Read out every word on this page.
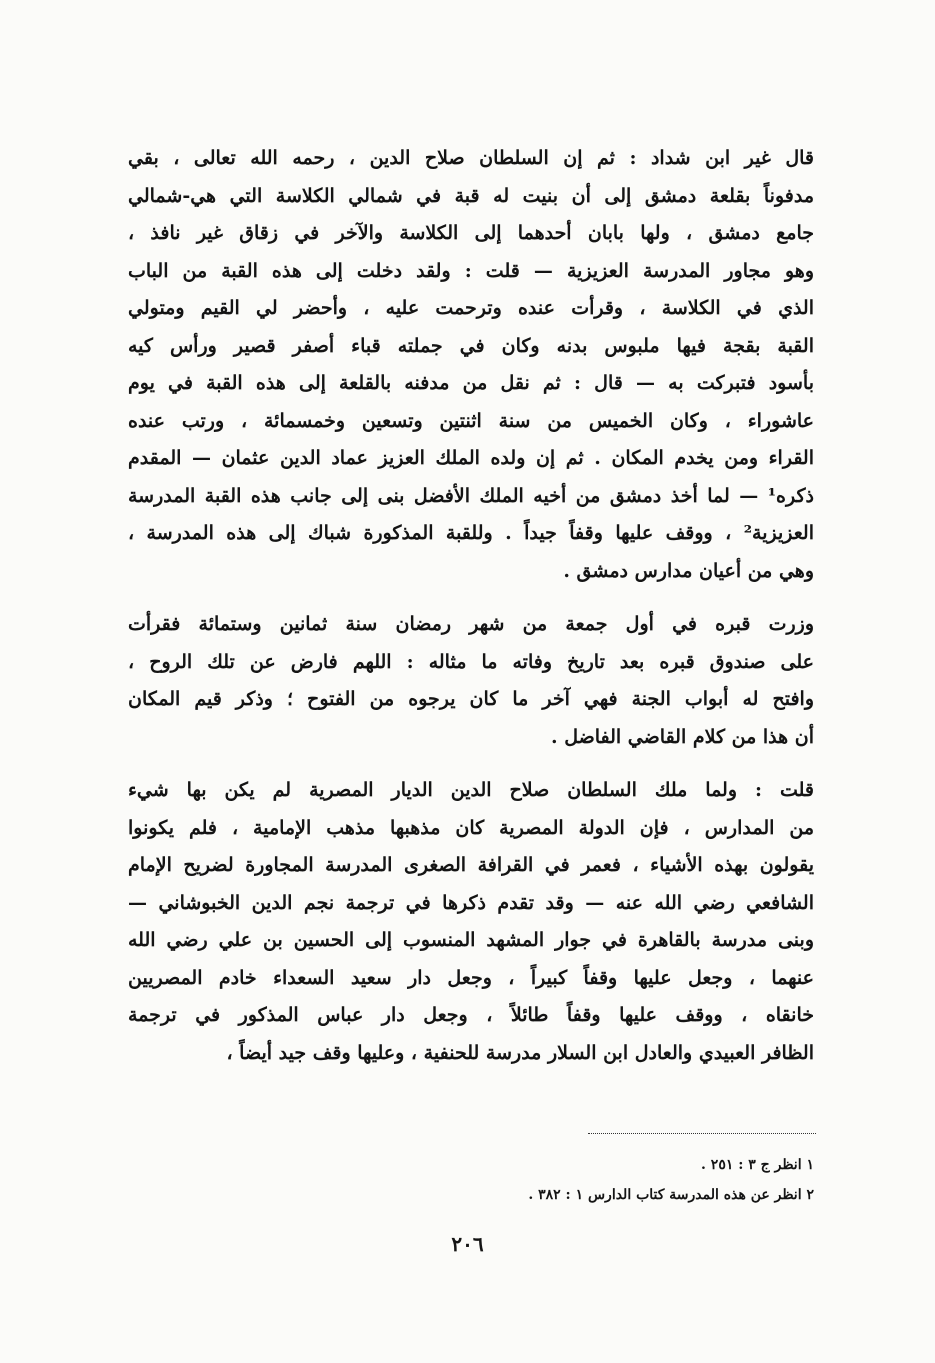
قال غير ابن شداد : ثم إن السلطان صلاح الدين ، رحمه الله تعالى ، بقي
مدفوناً بقلعة دمشق إلى أن بنيت له قبة في شمالي الكلاسة التي هي-شمالي
جامع دمشق ، ولها بابان أحدهما إلى الكلاسة والآخر في زقاق غير نافذ ،
وهو مجاور المدرسة العزيزية — قلت : ولقد دخلت إلى هذه القبة من الباب
الذي في الكلاسة ، وقرأت عنده وترحمت عليه ، وأحضر لي القيم ومتولي
القبة بقجة فيها ملبوس بدنه وكان في جملته قباء أصفر قصير ورأس كيه
بأسود فتبركت به — قال : ثم نقل من مدفنه بالقلعة إلى هذه القبة في يوم
عاشوراء ، وكان الخميس من سنة اثنتين وتسعين وخمسمائة ، ورتب عنده
القراء ومن يخدم المكان . ثم إن ولده الملك العزيز عماد الدين عثمان — المقدم
ذكره¹ — لما أخذ دمشق من أخيه الملك الأفضل بنى إلى جانب هذه القبة المدرسة
العزيزية² ، ووقف عليها وقفاً جيداً . وللقبة المذكورة شباك إلى هذه المدرسة ،
وهي من أعيان مدارس دمشق .

وزرت قبره في أول جمعة من شهر رمضان سنة ثمانين وستمائة فقرأت
على صندوق قبره بعد تاريخ وفاته ما مثاله : اللهم فارض عن تلك الروح ،
وافتح له أبواب الجنة فهي آخر ما كان يرجوه من الفتوح ؛ وذكر قيم المكان
أن هذا من كلام القاضي الفاضل .

قلت : ولما ملك السلطان صلاح الدين الديار المصرية لم يكن بها شيء
من المدارس ، فإن الدولة المصرية كان مذهبها مذهب الإمامية ، فلم يكونوا
يقولون بهذه الأشياء ، فعمر في القرافة الصغرى المدرسة المجاورة لضريح الإمام
الشافعي رضي الله عنه — وقد تقدم ذكرها في ترجمة نجم الدين الخبوشاني —
وبنى مدرسة بالقاهرة في جوار المشهد المنسوب إلى الحسين بن علي رضي الله
عنهما ، وجعل عليها وقفاً كبيراً ، وجعل دار سعيد السعداء خادم المصريين
خانقاه ، ووقف عليها وقفاً طائلاً ، وجعل دار عباس المذكور في ترجمة
الظافر العبيدي والعادل ابن السلار مدرسة للحنفية ، وعليها وقف جيد أيضاً ،

١ انظر ج ٣ : ٢٥١ .
٢ انظر عن هذه المدرسة كتاب الدارس ١ : ٣٨٢ .
٢٠٦
